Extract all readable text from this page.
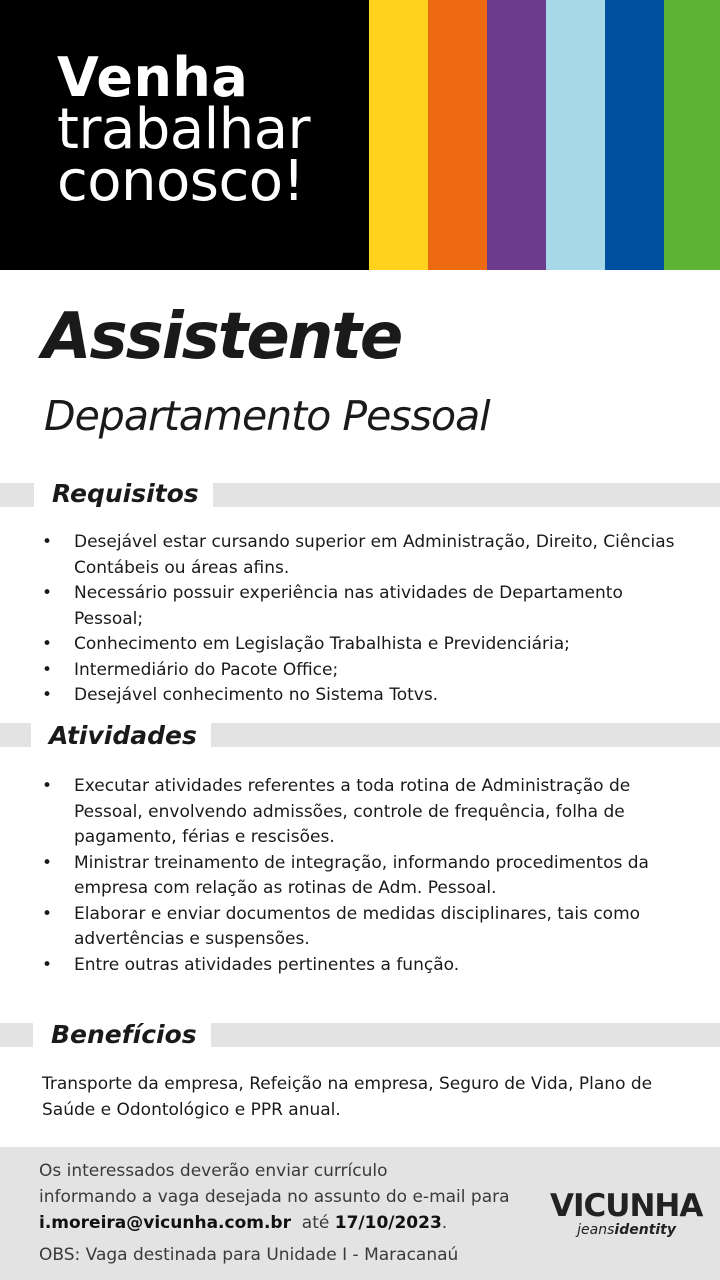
Venha
trabalhar
conosco!
Assistente
Departamento Pessoal
Requisitos
• Desejável estar cursando superior em Administração, Direito, Ciências Contábeis ou áreas afins.
• Necessário possuir experiência nas atividades de Departamento Pessoal;
• Conhecimento em Legislação Trabalhista e Previdenciária;
• Intermediário do Pacote Office;
• Desejável conhecimento no Sistema Totvs.
Atividades
• Executar atividades referentes a toda rotina de Administração de Pessoal, envolvendo admissões, controle de frequência, folha de pagamento, férias e rescisões.
• Ministrar treinamento de integração, informando procedimentos da empresa com relação as rotinas de Adm. Pessoal.
• Elaborar e enviar documentos de medidas disciplinares, tais como advertências e suspensões.
• Entre outras atividades pertinentes a função.
Benefícios
Transporte da empresa, Refeição na empresa, Seguro de Vida, Plano de Saúde e Odontológico e PPR anual.
Os interessados deverão enviar currículo
informando a vaga desejada no assunto do e-mail para
i.moreira@vicunha.com.br até 17/10/2023.
OBS: Vaga destinada para Unidade I - Maracanaú
VICUNHA
jeansidentity
